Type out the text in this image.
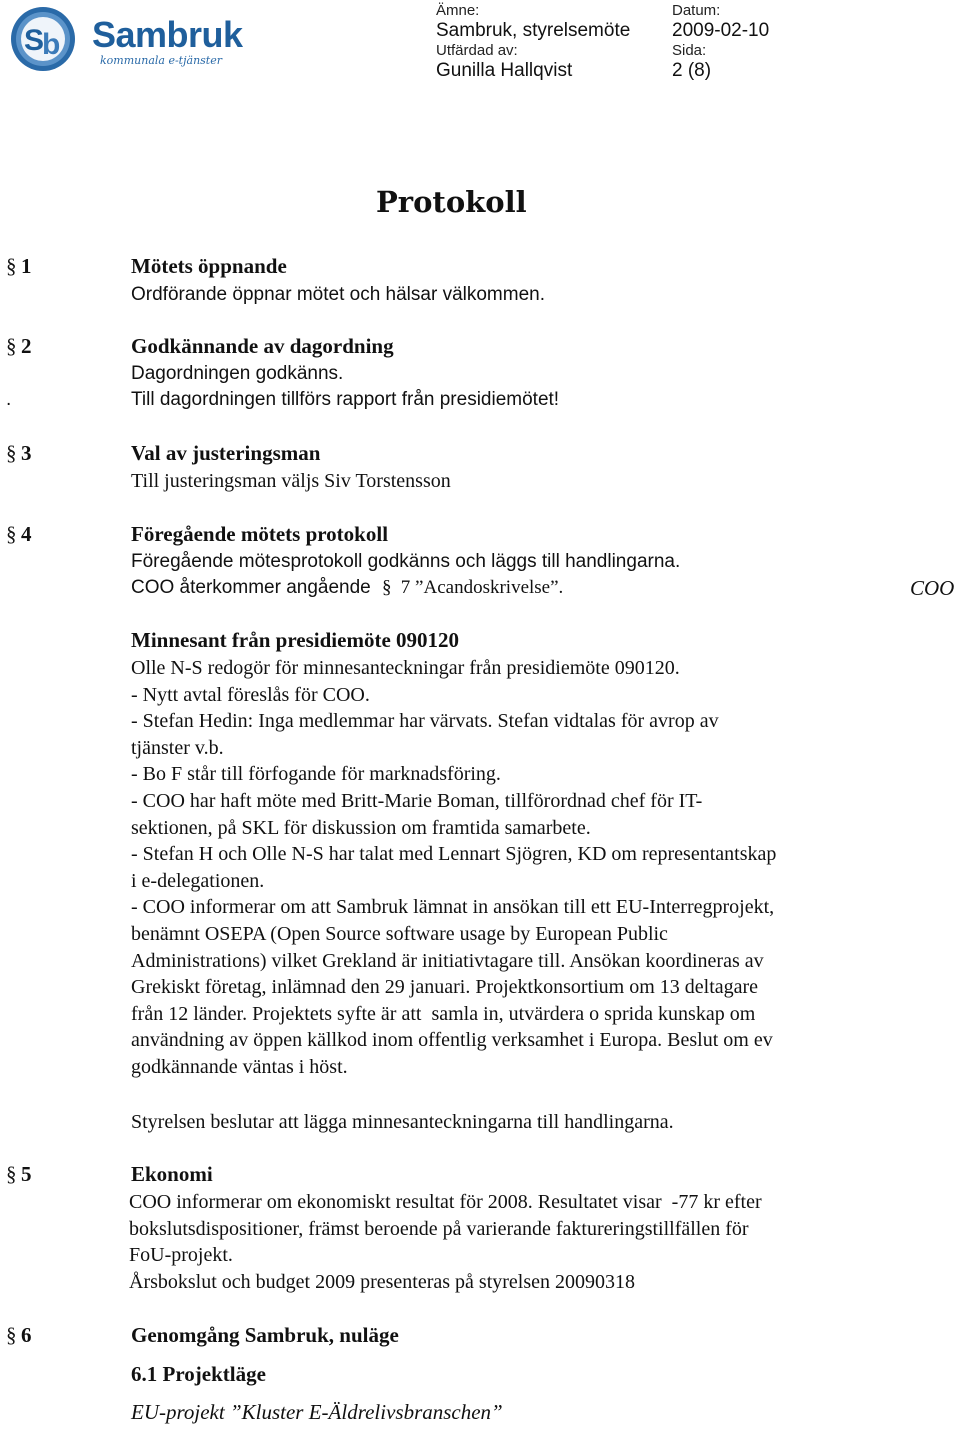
S
b Sambruk
kommunala e-tjänster
Ämne:
Sambruk, styrelsemöte
Datum:
2009-02-10
Utfärdad av:
Gunilla Hallqvist
Sida:
2 (8)
Protokoll
§ 1	Mötets öppnande
Ordförande öppnar mötet och hälsar välkommen.
§ 2	Godkännande av dagordning
Dagordningen godkänns.
.	Till dagordningen tillförs rapport från presidiemötet!
§ 3	Val av justeringsman
Till justeringsman väljs Siv Torstensson
§ 4	Föregående mötets protokoll
Föregående mötesprotokoll godkänns och läggs till handlingarna.
COO återkommer angående § 7 ”Acandoskrivelse”.	COO
Minnesant från presidiemöte 090120
Olle N-S redogör för minnesanteckningar från presidiemöte 090120.
- Nytt avtal föreslås för COO.
- Stefan Hedin: Inga medlemmar har värvats. Stefan vidtalas för avrop av
tjänster v.b.
- Bo F står till förfogande för marknadsföring.
- COO har haft möte med Britt-Marie Boman, tillförordnad chef för IT-
sektionen, på SKL för diskussion om framtida samarbete.
- Stefan H och Olle N-S har talat med Lennart Sjögren, KD om representantskap
i e-delegationen.
- COO informerar om att Sambruk lämnat in ansökan till ett EU-Interregprojekt,
benämnt OSEPA (Open Source software usage by European Public
Administrations) vilket Grekland är initiativtagare till. Ansökan koordineras av
Grekiskt företag, inlämnad den 29 januari. Projektkonsortium om 13 deltagare
från 12 länder. Projektets syfte är att  samla in, utvärdera o sprida kunskap om
användning av öppen källkod inom offentlig verksamhet i Europa. Beslut om ev
godkännande väntas i höst.
Styrelsen beslutar att lägga minnesanteckningarna till handlingarna.
§ 5	Ekonomi
COO informerar om ekonomiskt resultat för 2008. Resultatet visar  -77 kr efter
bokslutsdispositioner, främst beroende på varierande faktureringstillfällen för
FoU-projekt.
Årsbokslut och budget 2009 presenteras på styrelsen 20090318
§ 6	Genomgång Sambruk, nuläge
6.1 Projektläge
EU-projekt ”Kluster E-Äldrelivsbranschen”
